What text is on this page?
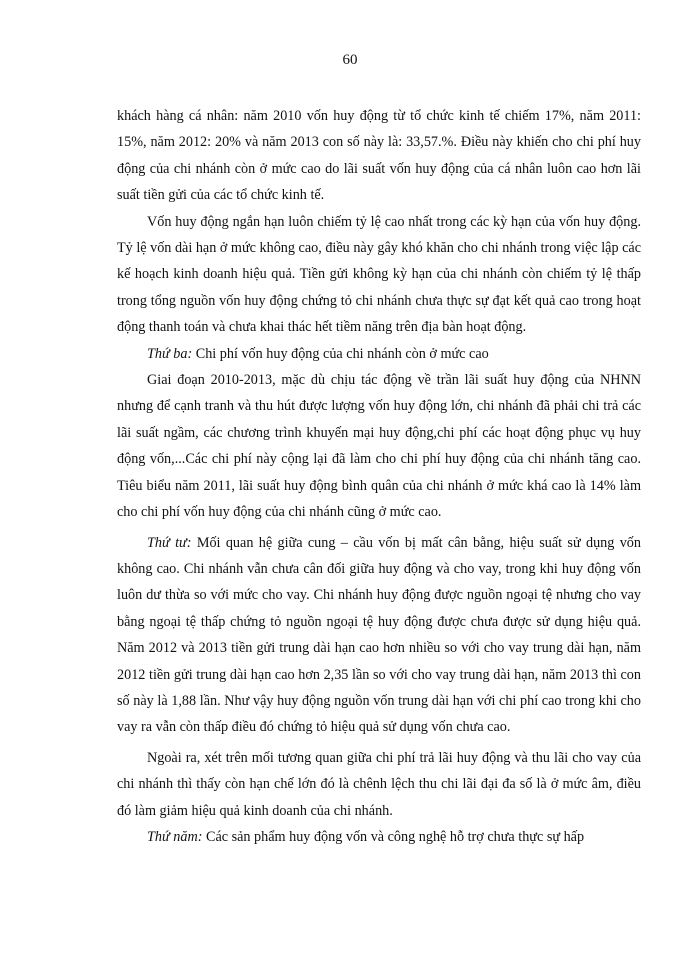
60

khách hàng cá nhân: năm 2010 vốn huy động từ tổ chức kinh tế chiếm 17%, năm 2011: 15%, năm 2012: 20% và năm 2013 con số này là: 33,57.%. Điều này khiến cho chi phí huy động của chi nhánh còn ở mức cao do lãi suất vốn huy động của cá nhân luôn cao hơn lãi suất tiền gửi của các tổ chức kinh tế.

Vốn huy động ngắn hạn luôn chiếm tỷ lệ cao nhất trong các kỳ hạn của vốn huy động. Tỷ lệ vốn dài hạn ở mức không cao, điều này gây khó khăn cho chi nhánh trong việc lập các kế hoạch kinh doanh hiệu quả. Tiền gửi không kỳ hạn của chi nhánh còn chiếm tỷ lệ thấp trong tổng nguồn vốn huy động chứng tỏ chi nhánh chưa thực sự đạt kết quả cao trong hoạt động thanh toán và chưa khai thác hết tiềm năng trên địa bàn hoạt động.

Thứ ba: Chi phí vốn huy động của chi nhánh còn ở mức cao

Giai đoạn 2010-2013, mặc dù chịu tác động về trần lãi suất huy động của NHNN nhưng để cạnh tranh và thu hút được lượng vốn huy động lớn, chi nhánh đã phải chi trả các lãi suất ngầm, các chương trình khuyến mại huy động,chi phí các hoạt động phục vụ huy động vốn,...Các chi phí này cộng lại đã làm cho chi phí huy động của chi nhánh tăng cao. Tiêu biểu năm 2011, lãi suất huy động bình quân của chi nhánh ở mức khá cao là 14% làm cho chi phí vốn huy động của chi nhánh cũng ở mức cao.

Thứ tư: Mối quan hệ giữa cung – cầu vốn bị mất cân bằng, hiệu suất sử dụng vốn không cao. Chi nhánh vẫn chưa cân đối giữa huy động và cho vay, trong khi huy động vốn luôn dư thừa so với mức cho vay. Chi nhánh huy động được nguồn ngoại tệ nhưng cho vay bằng ngoại tệ thấp chứng tỏ nguồn ngoại tệ huy động được chưa được sử dụng hiệu quả. Năm 2012 và 2013 tiền gửi trung dài hạn cao hơn nhiều so với cho vay trung dài hạn, năm 2012 tiền gửi trung dài hạn cao hơn 2,35 lần so với cho vay trung dài hạn, năm 2013 thì con số này là 1,88 lần. Như vậy huy động nguồn vốn trung dài hạn với chi phí cao trong khi cho vay ra vẫn còn thấp điều đó chứng tỏ hiệu quả sử dụng vốn chưa cao.

Ngoài ra, xét trên mối tương quan giữa chi phí trả lãi huy động và thu lãi cho vay của chi nhánh thì thấy còn hạn chế lớn đó là chênh lệch thu chi lãi đại đa số là ở mức âm, điều đó làm giảm hiệu quả kinh doanh của chi nhánh.

Thứ năm: Các sản phẩm huy động vốn và công nghệ hỗ trợ chưa thực sự hấp
